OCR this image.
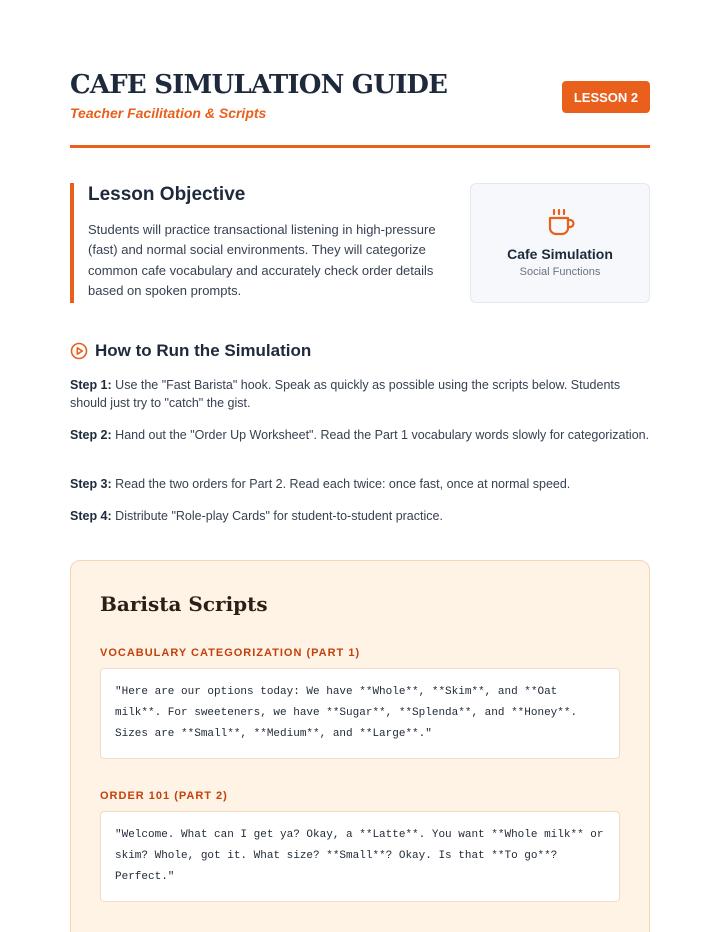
CAFE SIMULATION GUIDE
Teacher Facilitation & Scripts
LESSON 2
Lesson Objective
Students will practice transactional listening in high-pressure (fast) and normal social environments. They will categorize common cafe vocabulary and accurately check order details based on spoken prompts.
Cafe Simulation
Social Functions
How to Run the Simulation
Step 1: Use the "Fast Barista" hook. Speak as quickly as possible using the scripts below. Students should just try to "catch" the gist.
Step 2: Hand out the "Order Up Worksheet". Read the Part 1 vocabulary words slowly for categorization.
Step 3: Read the two orders for Part 2. Read each twice: once fast, once at normal speed.
Step 4: Distribute "Role-play Cards" for student-to-student practice.
Barista Scripts
VOCABULARY CATEGORIZATION (PART 1)
"Here are our options today: We have **Whole**, **Skim**, and **Oat milk**. For sweeteners, we have **Sugar**, **Splenda**, and **Honey**. Sizes are **Small**, **Medium**, and **Large**."
ORDER 101 (PART 2)
"Welcome. What can I get ya? Okay, a **Latte**. You want **Whole milk** or skim? Whole, got it. What size? **Small**? Okay. Is that **To go**? Perfect."
